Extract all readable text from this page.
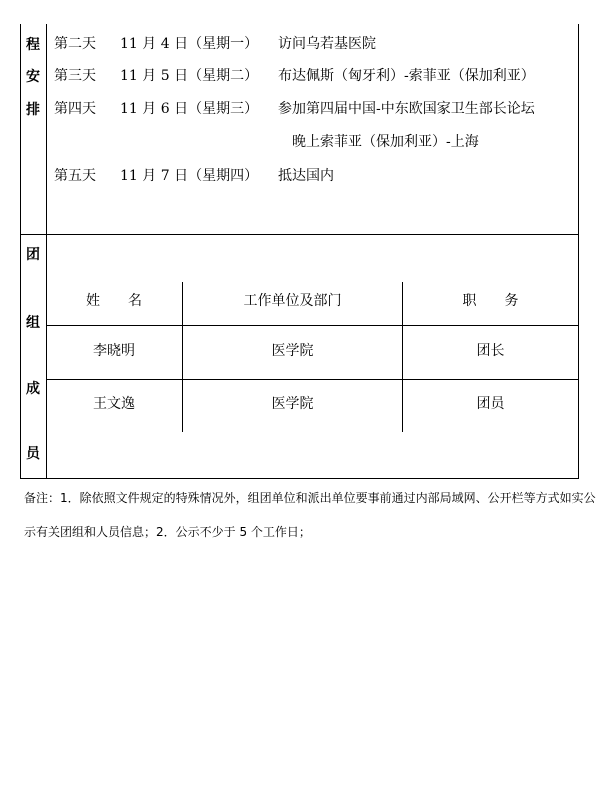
程
安
排
第二天 11 月 4 日（星期一） 访问乌若基医院
第三天 11 月 5 日（星期二） 布达佩斯（匈牙利）-索菲亚（保加利亚）
第四天 11 月 6 日（星期三） 参加第四届中国-中东欧国家卫生部长论坛
晚上索菲亚（保加利亚）-上海
第五天 11 月 7 日（星期四） 抵达国内
团
组
成
员
姓　　名	工作单位及部门	职　　务
李晓明	医学院	团长
王文逸	医学院	团员
备注：1．除依照文件规定的特殊情况外，组团单位和派出单位要事前通过内部局域网、公开栏等方式如实公
示有关团组和人员信息；2．公示不少于 5 个工作日；
